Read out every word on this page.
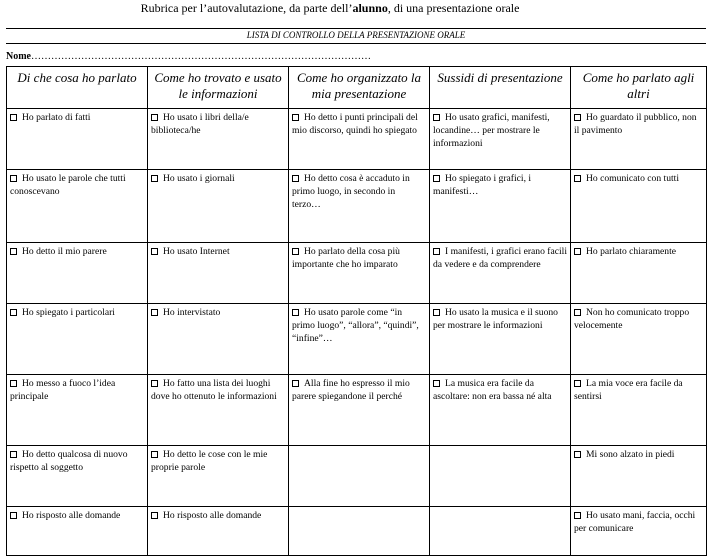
Rubrica per l’autovalutazione, da parte dell’alunno, di una presentazione orale
LISTA DI CONTROLLO DELLA PRESENTAZIONE ORALE
Nome…………………………………………………………………………………………
Di che cosa ho parlato	Come ho trovato e usato le informazioni	Come ho organizzato la mia presentazione	Sussidi di presentazione	Come ho parlato agli altri
Ho parlato di fatti	Ho usato i libri della/e biblioteca/he	Ho detto i punti principali del mio discorso, quindi ho spiegato	Ho usato grafici, manifesti, locandine… per mostrare le informazioni	Ho guardato il pubblico, non il pavimento
Ho usato le parole che tutti conoscevano	Ho usato i giornali	Ho detto cosa è accaduto in primo luogo, in secondo in terzo…	Ho spiegato i grafici, i manifesti…	Ho comunicato con tutti
Ho detto il mio parere	Ho usato Internet	Ho parlato della cosa più importante che ho imparato	I manifesti, i grafici erano facili da vedere e da comprendere	Ho parlato chiaramente
Ho spiegato i particolari	Ho intervistato	Ho usato parole come “in primo luogo”, “allora”, “quindi”, “infine”…	Ho usato la musica e il suono per mostrare le informazioni	Non ho comunicato troppo velocemente
Ho messo a fuoco l’idea principale	Ho fatto una lista dei luoghi dove ho ottenuto le informazioni	Alla fine ho espresso il mio parere spiegandone il perché	La musica era facile da ascoltare: non era bassa né alta	La mia voce era facile da sentirsi
Ho detto qualcosa di nuovo rispetto al soggetto	Ho detto le cose con le mie proprie parole			Mi sono alzato in piedi
Ho risposto alle domande	Ho risposto alle domande			Ho usato mani, faccia, occhi per comunicare
